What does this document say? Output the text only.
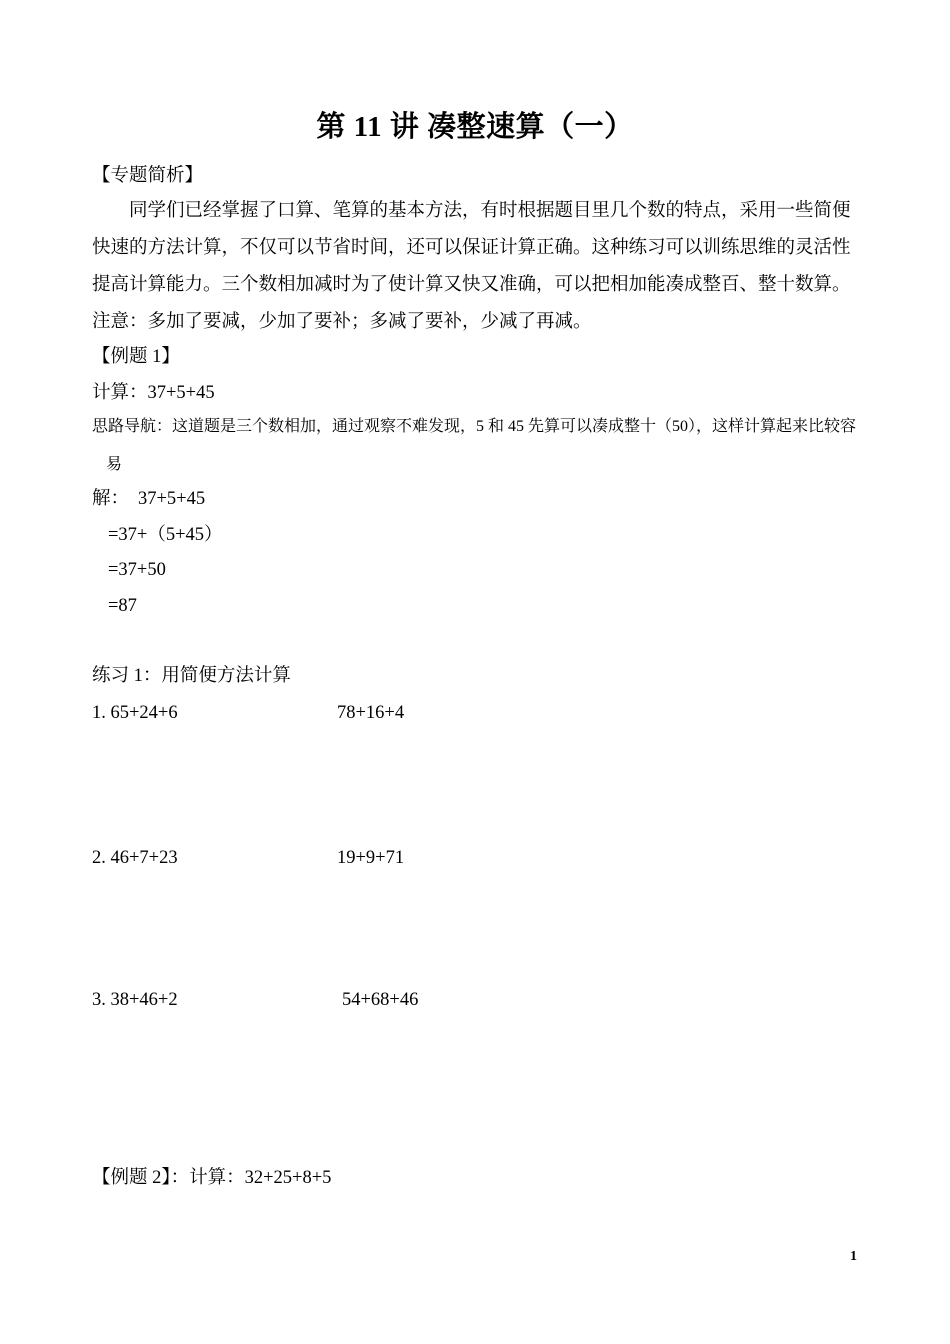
第 11 讲 凑整速算（一）
【专题简析】
同学们已经掌握了口算、笔算的基本方法，有时根据题目里几个数的特点，采用一些简便
快速的方法计算，不仅可以节省时间，还可以保证计算正确。这种练习可以训练思维的灵活性
提高计算能力。三个数相加减时为了使计算又快又准确，可以把相加能凑成整百、整十数算。
注意：多加了要减，少加了要补；多减了要补，少减了再减。
【例题 1】
计算：37+5+45
思路导航：这道题是三个数相加，通过观察不难发现，5 和 45 先算可以凑成整十（50），这样计算起来比较容
易
解： 37+5+45
=37+（5+45）
=37+50
=87
练习 1：用简便方法计算
1. 65+24+6	78+16+4
2. 46+7+23	19+9+71
3. 38+46+2	54+68+46
【例题 2】：计算：32+25+8+5
1
